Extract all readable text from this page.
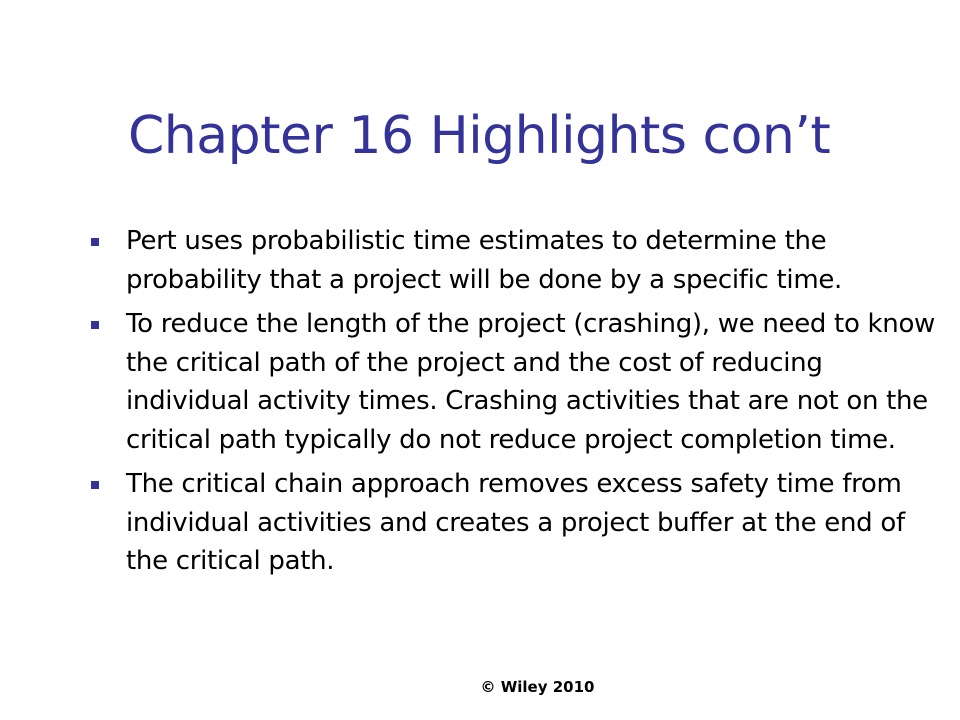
Chapter 16 Highlights con’t
Pert uses probabilistic time estimates to determine the probability that a project will be done by a specific time.
To reduce the length of the project (crashing), we need to know the critical path of the project and the cost of reducing individual activity times. Crashing activities that are not on the critical path typically do not reduce project completion time.
The critical chain approach removes excess safety time from individual activities and creates a project buffer at the end of the critical path.
© Wiley 2010
